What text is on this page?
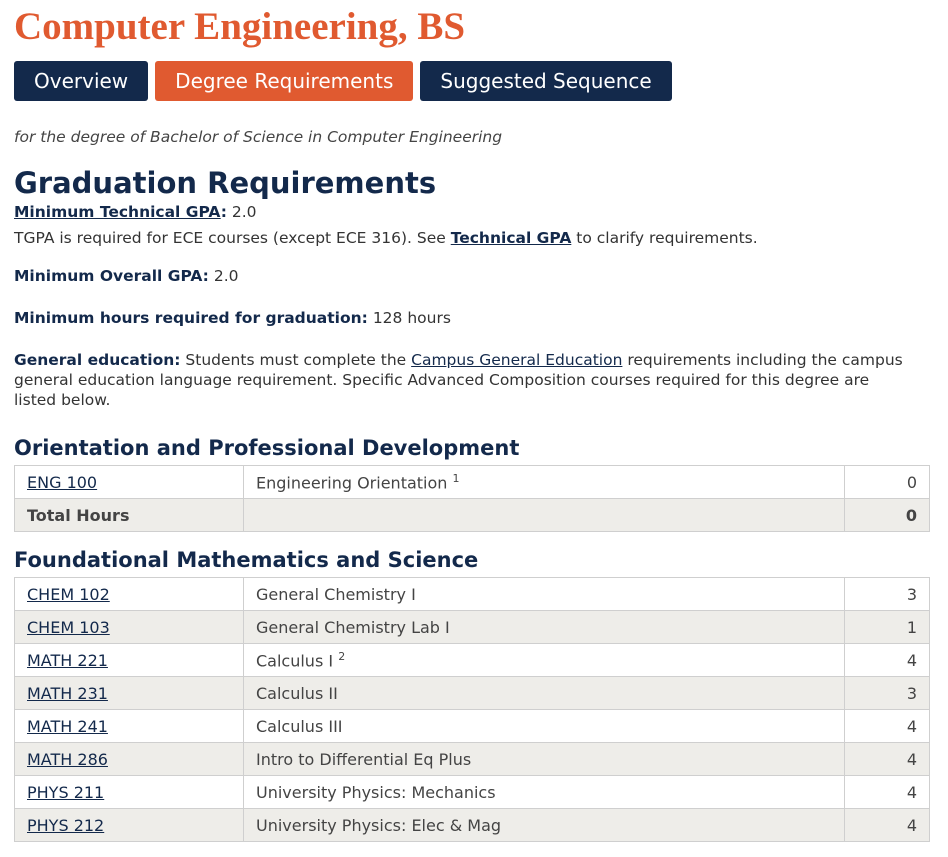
Computer Engineering, BS
Overview	Degree Requirements	Suggested Sequence

for the degree of Bachelor of Science in Computer Engineering

Graduation Requirements
Minimum Technical GPA: 2.0
TGPA is required for ECE courses (except ECE 316). See Technical GPA to clarify requirements.
Minimum Overall GPA: 2.0
Minimum hours required for graduation: 128 hours
General education: Students must complete the Campus General Education requirements including the campus general education language requirement. Specific Advanced Composition courses required for this degree are listed below.
Orientation and Professional Development
ENG 100	Engineering Orientation $^1$	0
Total Hours		0
Foundational Mathematics and Science
CHEM 102	General Chemistry I	3
CHEM 103	General Chemistry Lab I	1
MATH 221	Calculus I $^2$	4
MATH 231	Calculus II	3
MATH 241	Calculus III	4
MATH 286	Intro to Differential Eq Plus	4
PHYS 211	University Physics: Mechanics	4
PHYS 212	University Physics: Elec & Mag	4
